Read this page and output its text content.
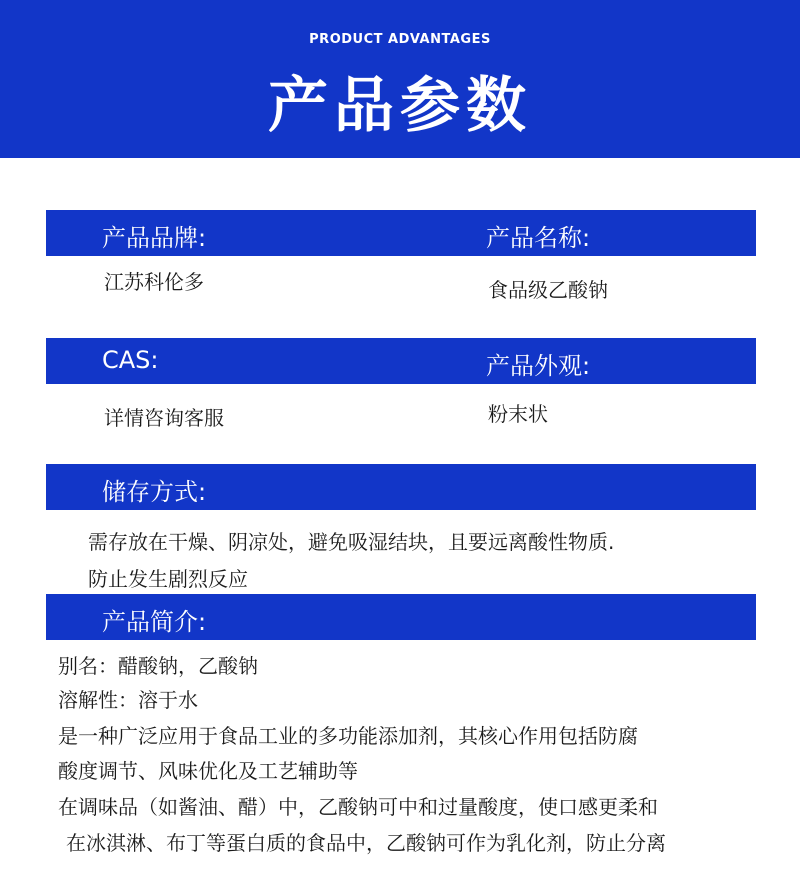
PRODUCT ADVANTAGES
产品参数
产品品牌:	产品名称:
江苏科伦多	食品级乙酸钠
CAS:	产品外观:
详情咨询客服	粉末状
储存方式:
需存放在干燥、阴凉处，避免吸湿结块，且要远离酸性物质.
防止发生剧烈反应
产品简介:
别名：醋酸钠，乙酸钠
溶解性：溶于水
是一种广泛应用于食品工业的多功能添加剂，其核心作用包括防腐
酸度调节、风味优化及工艺辅助等
在调味品（如酱油、醋）中，乙酸钠可中和过量酸度，使口感更柔和
在冰淇淋、布丁等蛋白质的食品中，乙酸钠可作为乳化剂，防止分离
